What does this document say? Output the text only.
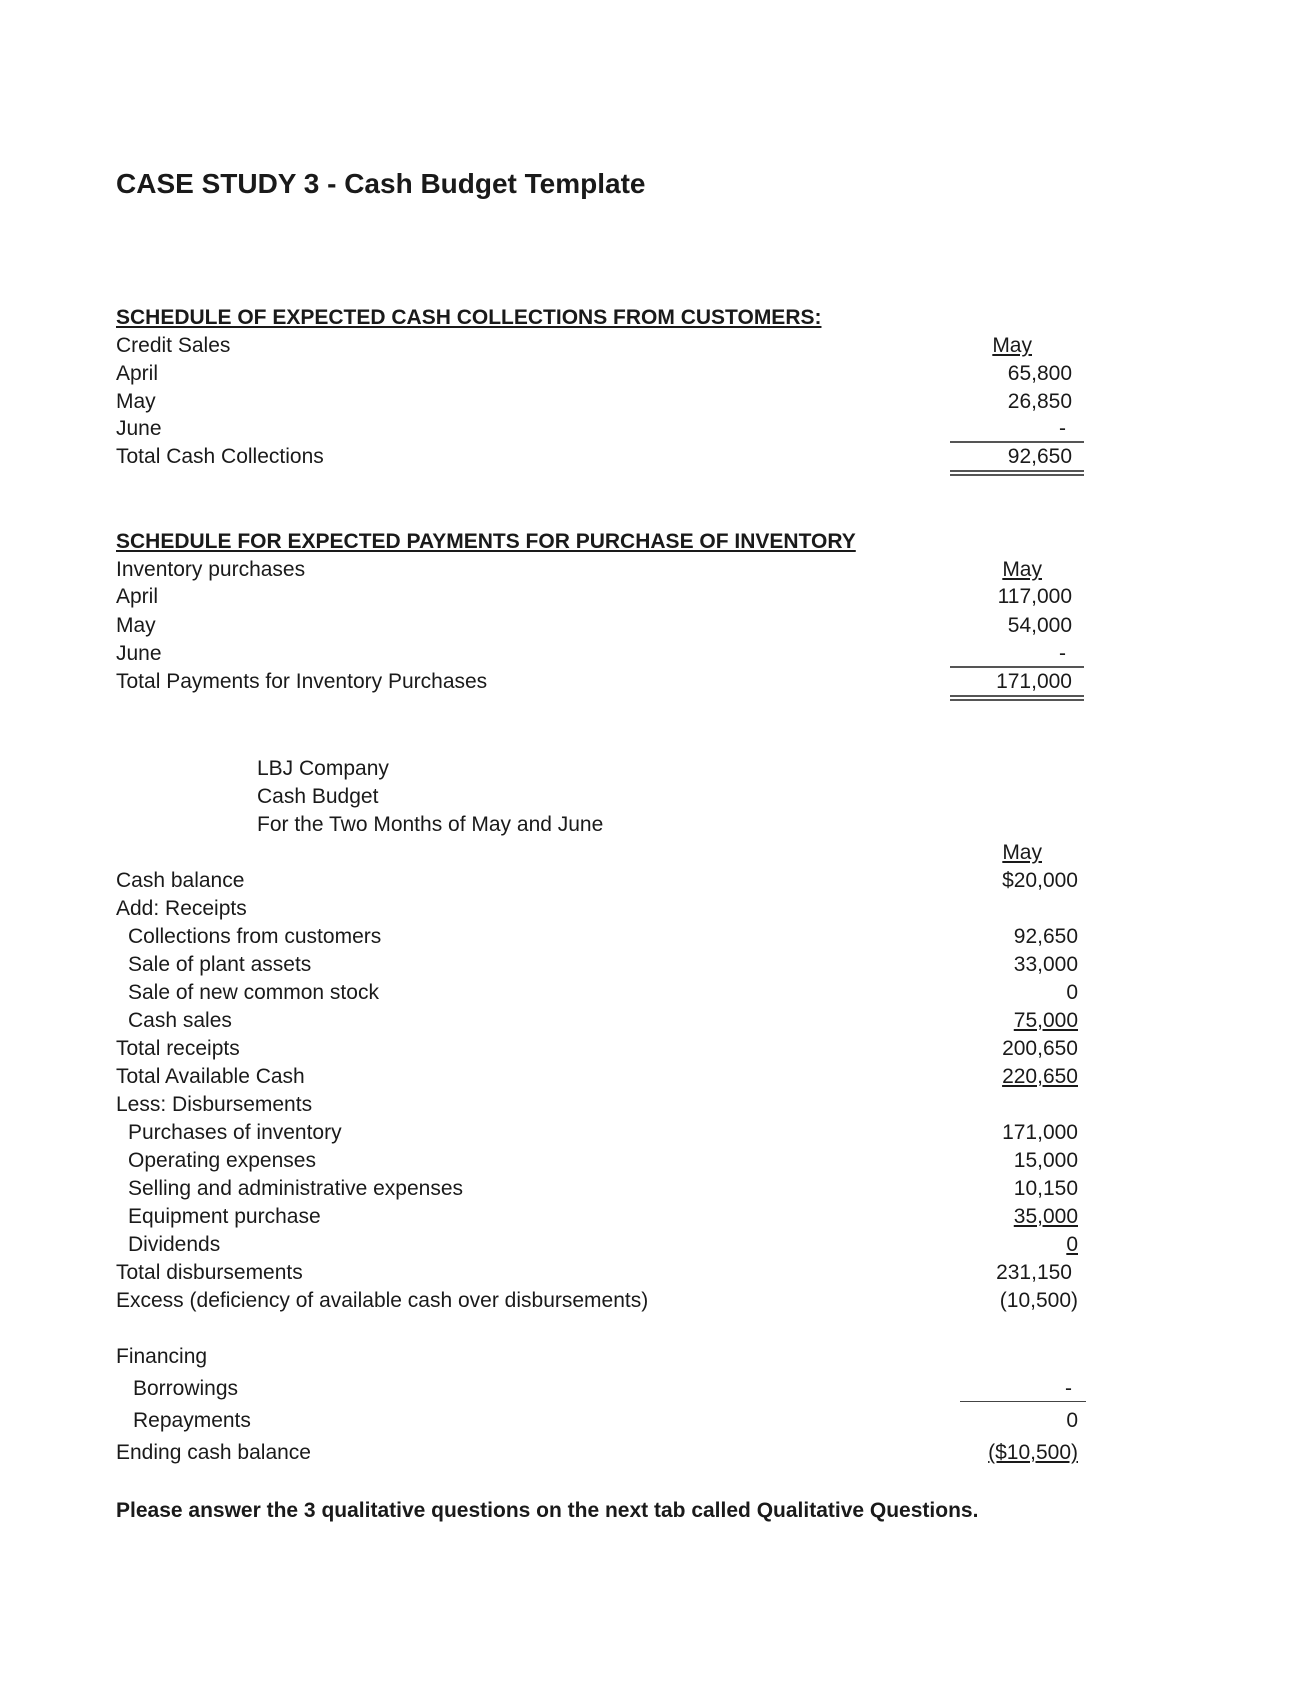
CASE STUDY 3 - Cash Budget Template
SCHEDULE OF EXPECTED CASH COLLECTIONS FROM CUSTOMERS:
Credit Sales	May
April	65,800
May	26,850
June	-
Total Cash Collections	92,650
SCHEDULE FOR EXPECTED PAYMENTS FOR PURCHASE OF INVENTORY
Inventory purchases	May
April	117,000
May	54,000
June	-
Total Payments for Inventory Purchases	171,000
LBJ Company
Cash Budget
For the Two Months of May and June
May
Cash balance	$20,000
Add: Receipts
Collections from customers	92,650
Sale of plant assets	33,000
Sale of new common stock	0
Cash sales	75,000
Total receipts	200,650
Total Available Cash	220,650
Less: Disbursements
Purchases of inventory	171,000
Operating expenses	15,000
Selling and administrative expenses	10,150
Equipment purchase	35,000
Dividends	0
Total disbursements	231,150
Excess (deficiency of available cash over disbursements)	(10,500)
Financing
Borrowings	-
Repayments	0
Ending cash balance	($10,500)
Please answer the 3 qualitative questions on the next tab called Qualitative Questions.
